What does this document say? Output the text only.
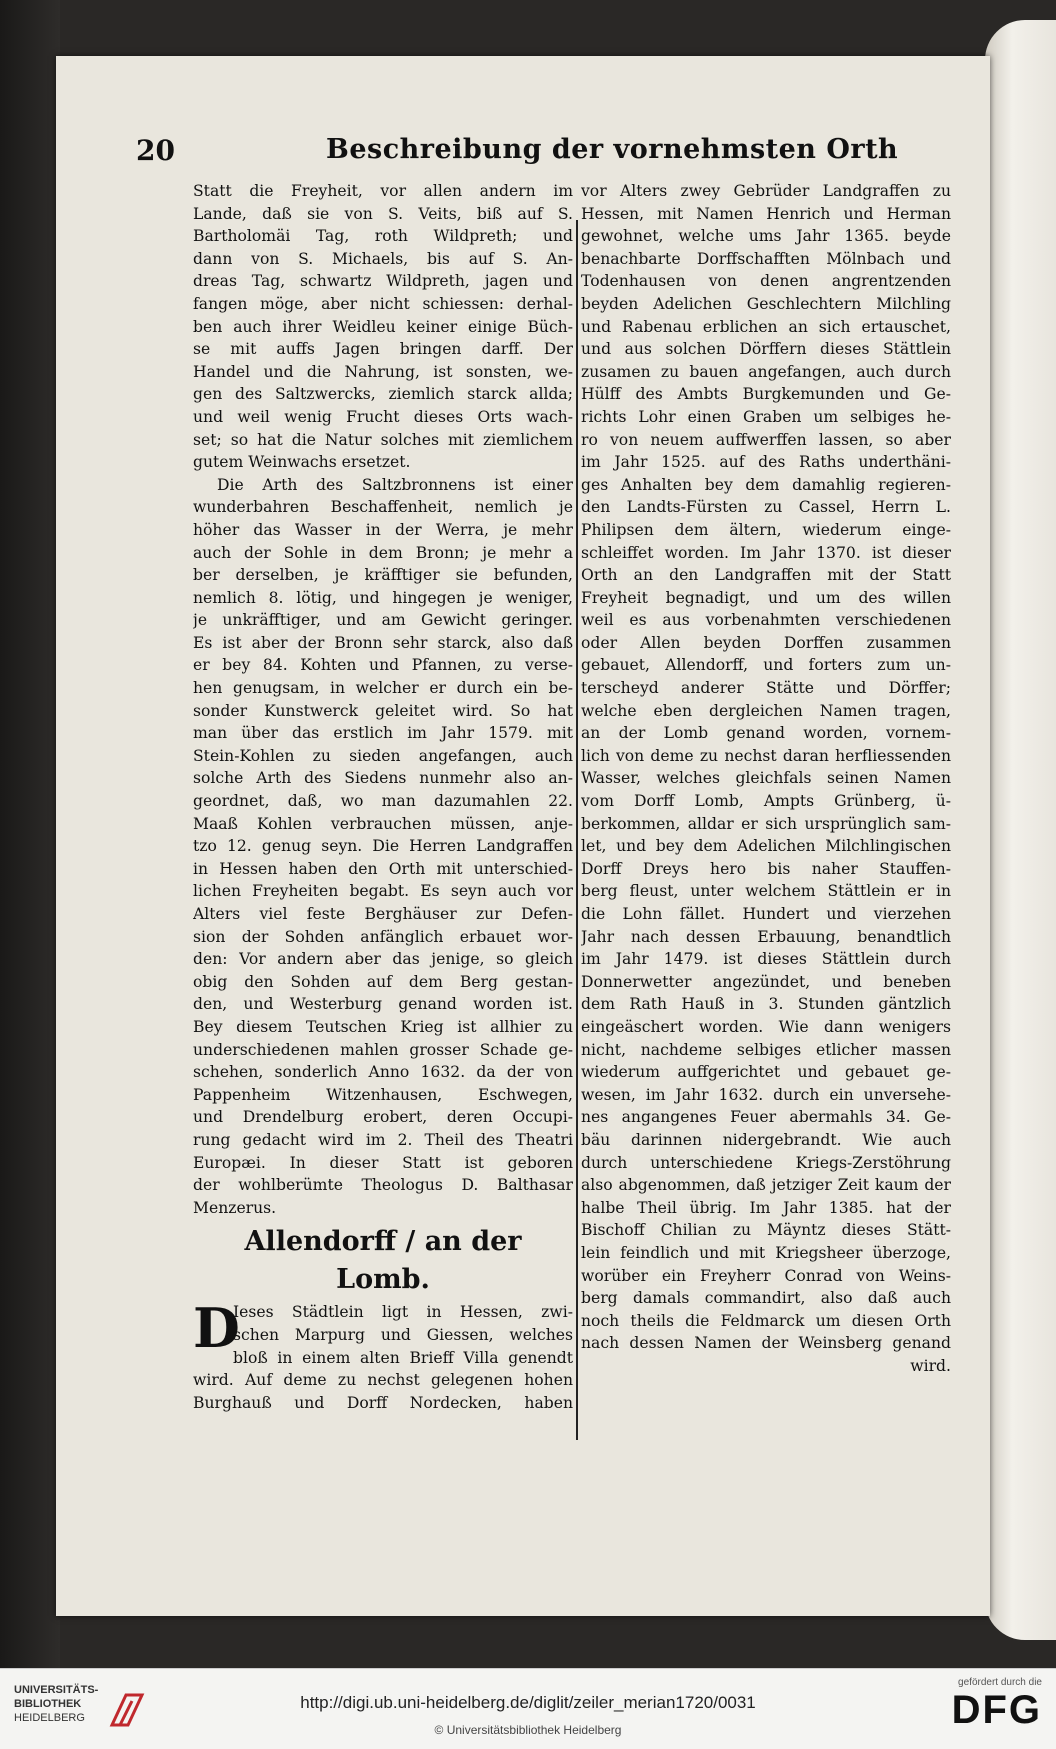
20	Beschreibung der vornehmsten Orth
Statt die Freyheit, vor allen andern im
Lande, daß sie von S. Veits, biß auf S.
Bartholomäi Tag, roth Wildpreth; und
dann von S. Michaels, bis auf S. An-
dreas Tag, schwartz Wildpreth, jagen und
fangen möge, aber nicht schiessen: derhal-
ben auch ihrer Weidleu keiner einige Büch-
se mit auffs Jagen bringen darff. Der
Handel und die Nahrung, ist sonsten, we-
gen des Saltzwercks, ziemlich starck allda;
und weil wenig Frucht dieses Orts wach-
set; so hat die Natur solches mit ziemlichem
gutem Weinwachs ersetzet.
Die Arth des Saltzbronnens ist einer
wunderbahren Beschaffenheit, nemlich je
höher das Wasser in der Werra, je mehr
auch der Sohle in dem Bronn; je mehr a
ber derselben, je kräfftiger sie befunden,
nemlich 8. lötig, und hingegen je weniger,
je unkräfftiger, und am Gewicht geringer.
Es ist aber der Bronn sehr starck, also daß
er bey 84. Kohten und Pfannen, zu verse-
hen genugsam, in welcher er durch ein be-
sonder Kunstwerck geleitet wird. So hat
man über das erstlich im Jahr 1579. mit
Stein-Kohlen zu sieden angefangen, auch
solche Arth des Siedens nunmehr also an-
geordnet, daß, wo man dazumahlen 22.
Maaß Kohlen verbrauchen müssen, anje-
tzo 12. genug seyn. Die Herren Landgraffen
in Hessen haben den Orth mit unterschied-
lichen Freyheiten begabt. Es seyn auch vor
Alters viel feste Berghäuser zur Defen-
sion der Sohden anfänglich erbauet wor-
den: Vor andern aber das jenige, so gleich
obig den Sohden auf dem Berg gestan-
den, und Westerburg genand worden ist.
Bey diesem Teutschen Krieg ist allhier zu
underschiedenen mahlen grosser Schade ge-
schehen, sonderlich Anno 1632. da der von
Pappenheim Witzenhausen, Eschwegen,
und Drendelburg erobert, deren Occupi-
rung gedacht wird im 2. Theil des Theatri
Europæi. In dieser Statt ist geboren
der wohlberümte Theologus D. Balthasar
Menzerus.
Allendorff / an der Lomb.
D
Ieses Städtlein ligt in Hessen, zwi-
schen Marpurg und Giessen, welches
bloß in einem alten Brieff Villa genendt
wird. Auf deme zu nechst gelegenen hohen
Burghauß und Dorff Nordecken, haben
vor Alters zwey Gebrüder Landgraffen zu
Hessen, mit Namen Henrich und Herman
gewohnet, welche ums Jahr 1365. beyde
benachbarte Dorffschafften Mölnbach und
Todenhausen von denen angrentzenden
beyden Adelichen Geschlechtern Milchling
und Rabenau erblichen an sich ertauschet,
und aus solchen Dörffern dieses Stättlein
zusamen zu bauen angefangen, auch durch
Hülff des Ambts Burgkemunden und Ge-
richts Lohr einen Graben um selbiges he-
ro von neuem auffwerffen lassen, so aber
im Jahr 1525. auf des Raths underthäni-
ges Anhalten bey dem damahlig regieren-
den Landts-Fürsten zu Cassel, Herrn L.
Philipsen dem ältern, wiederum einge-
schleiffet worden. Im Jahr 1370. ist dieser
Orth an den Landgraffen mit der Statt
Freyheit begnadigt, und um des willen
weil es aus vorbenahmten verschiedenen
oder Allen beyden Dorffen zusammen
gebauet, Allendorff, und forters zum un-
terscheyd anderer Stätte und Dörffer;
welche eben dergleichen Namen tragen,
an der Lomb genand worden, vornem-
lich von deme zu nechst daran herfliessenden
Wasser, welches gleichfals seinen Namen
vom Dorff Lomb, Ampts Grünberg, ü-
berkommen, alldar er sich ursprünglich sam-
let, und bey dem Adelichen Milchlingischen
Dorff Dreys hero bis naher Stauffen-
berg fleust, unter welchem Stättlein er in
die Lohn fället. Hundert und vierzehen
Jahr nach dessen Erbauung, benandtlich
im Jahr 1479. ist dieses Stättlein durch
Donnerwetter angezündet, und beneben
dem Rath Hauß in 3. Stunden gäntzlich
eingeäschert worden. Wie dann wenigers
nicht, nachdeme selbiges etlicher massen
wiederum auffgerichtet und gebauet ge-
wesen, im Jahr 1632. durch ein unversehe-
nes angangenes Feuer abermahls 34. Ge-
bäu darinnen nidergebrandt. Wie auch
durch unterschiedene Kriegs-Zerstöhrung
also abgenommen, daß jetziger Zeit kaum der
halbe Theil übrig. Im Jahr 1385. hat der
Bischoff Chilian zu Mäyntz dieses Stätt-
lein feindlich und mit Kriegsheer überzoge,
worüber ein Freyherr Conrad von Weins-
berg damals commandirt, also daß auch
noch theils die Feldmarck um diesen Orth
nach dessen Namen der Weinsberg genand
wird.
UNIVERSITÄTS-
BIBLIOTHEK
HEIDELBERG
http://digi.ub.uni-heidelberg.de/diglit/zeiler_merian1720/0031
© Universitätsbibliothek Heidelberg
gefördert durch die
DFG
